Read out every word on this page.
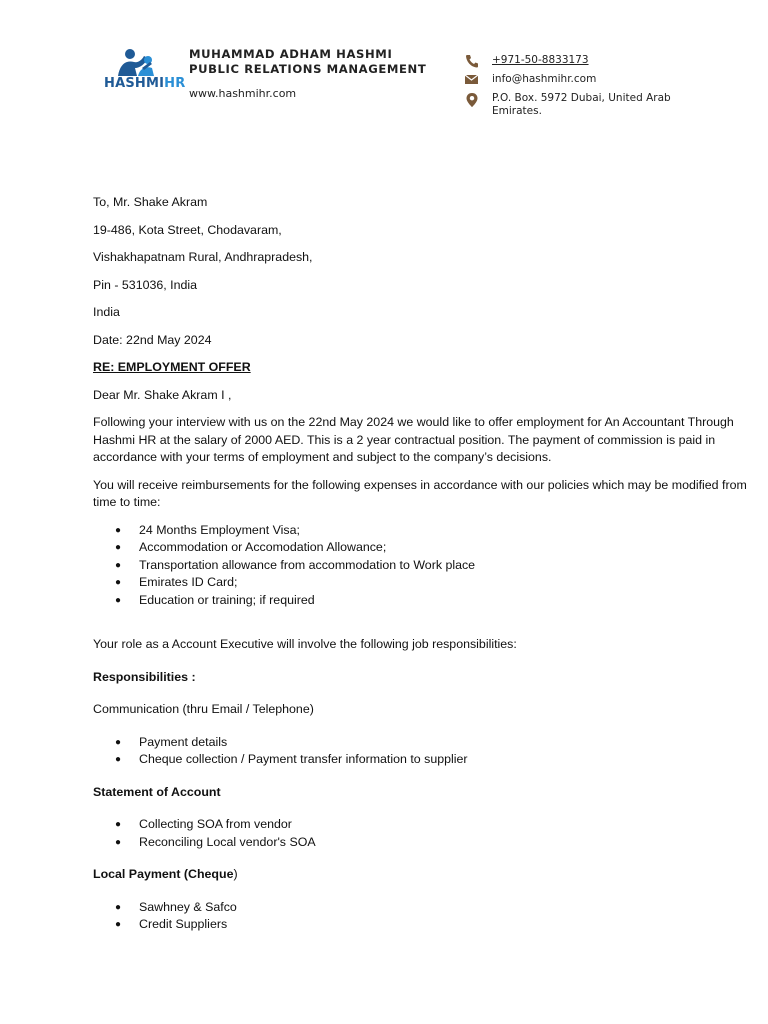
HASHMIHR
MUHAMMAD ADHAM HASHMI
PUBLIC RELATIONS MANAGEMENT
www.hashmihr.com
+971-50-8833173
info@hashmihr.com
P.O. Box. 5972 Dubai, United Arab
Emirates.

To, Mr. Shake Akram

19-486, Kota Street, Chodavaram,

Vishakhapatnam Rural, Andhrapradesh,

Pin - 531036, India

India

Date: 22nd May 2024

RE: EMPLOYMENT OFFER

Dear Mr. Shake Akram I ,

Following your interview with us on the 22nd May 2024 we would like to offer employment for An Accountant Through Hashmi HR at the salary of 2000 AED. This is a 2 year contractual position. The payment of commission is paid in accordance with your terms of employment and subject to the company’s decisions.

You will receive reimbursements for the following expenses in accordance with our policies which may be modified from time to time:

● 24 Months Employment Visa;
● Accommodation or Accomodation Allowance;
● Transportation allowance from accommodation to Work place
● Emirates ID Card;
● Education or training; if required

Your role as a Account Executive will involve the following job responsibilities:

Responsibilities :

Communication (thru Email / Telephone)

● Payment details
● Cheque collection / Payment transfer information to supplier

Statement of Account

● Collecting SOA from vendor
● Reconciling Local vendor's SOA

Local Payment (Cheque)

● Sawhney & Safco
● Credit Suppliers
